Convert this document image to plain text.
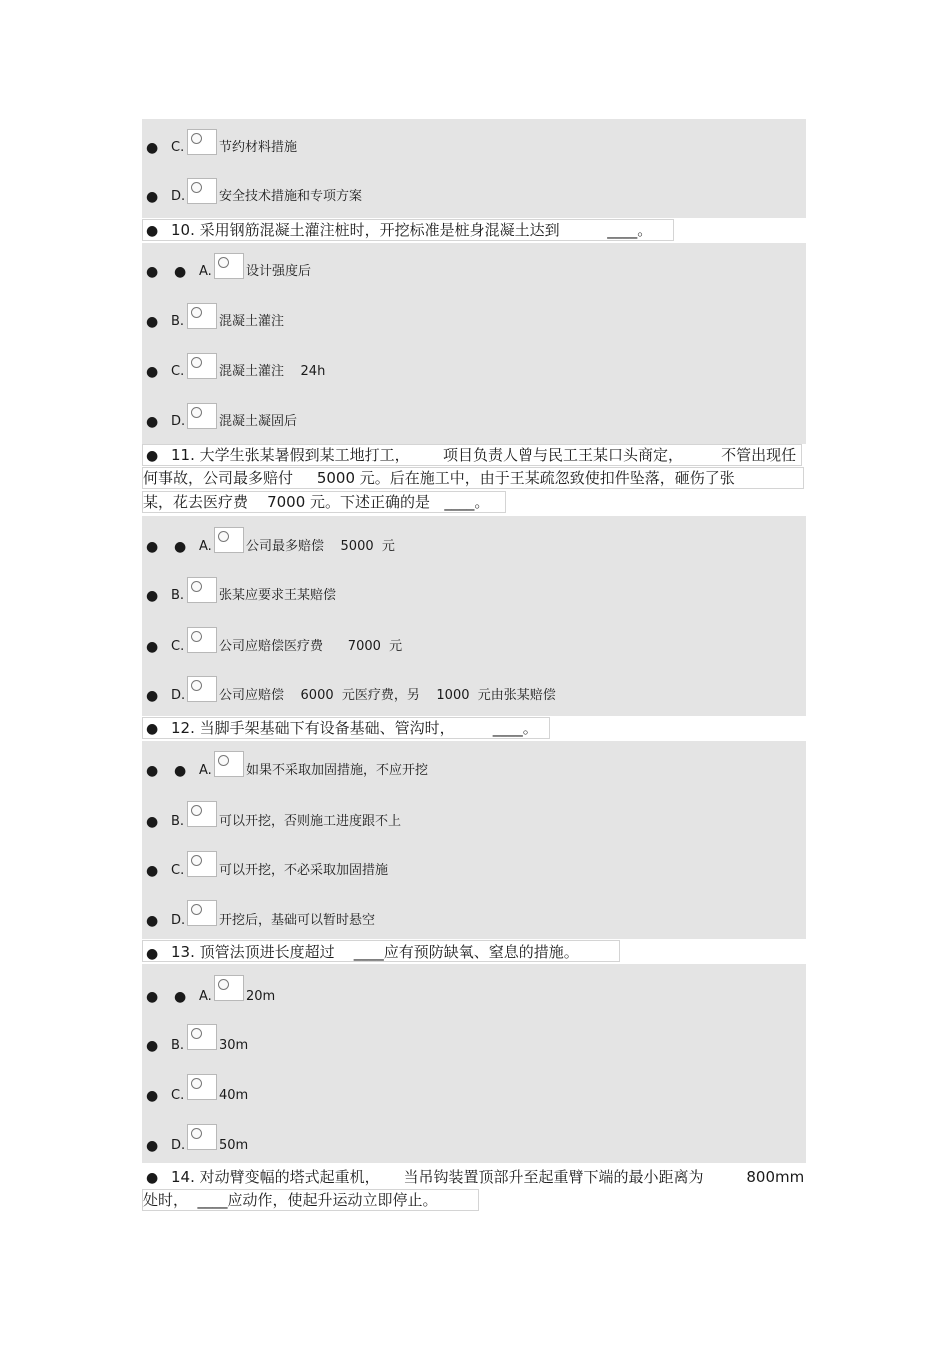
● C.	节约材料措施
● D.	安全技术措施和专项方案
● 10. 采用钢筋混凝土灌注桩时，开挖标准是桩身混凝土达到          ____。
● ● A.	设计强度后
● B.	混凝土灌注
● C.	混凝土灌注    24h
● D.	混凝土凝固后
● 11. 大学生张某暑假到某工地打工，       项目负责人曾与民工王某口头商定，        不管出现任
何事故，公司最多赔付     5000 元。后在施工中，由于王某疏忽致使扣件坠落，砸伤了张
某，花去医疗费    7000 元。下述正确的是   ____。
● ● A.	公司最多赔偿    5000  元
● B.	张某应要求王某赔偿
● C.	公司应赔偿医疗费      7000  元
● D.	公司应赔偿    6000  元医疗费，另    1000  元由张某赔偿
● 12. 当脚手架基础下有设备基础、管沟时，        ____。
● ● A.	如果不采取加固措施，不应开挖
● B.	可以开挖，否则施工进度跟不上
● C.	可以开挖，不必采取加固措施
● D.	开挖后，基础可以暂时悬空
● 13. 顶管法顶进长度超过    ____应有预防缺氧、窒息的措施。
● ● A.	20m
● B.	30m
● C.	40m
● D.	50m
● 14. 对动臂变幅的塔式起重机，     当吊钩装置顶部升至起重臂下端的最小距离为         800mm
处时，  ____应动作，使起升运动立即停止。
